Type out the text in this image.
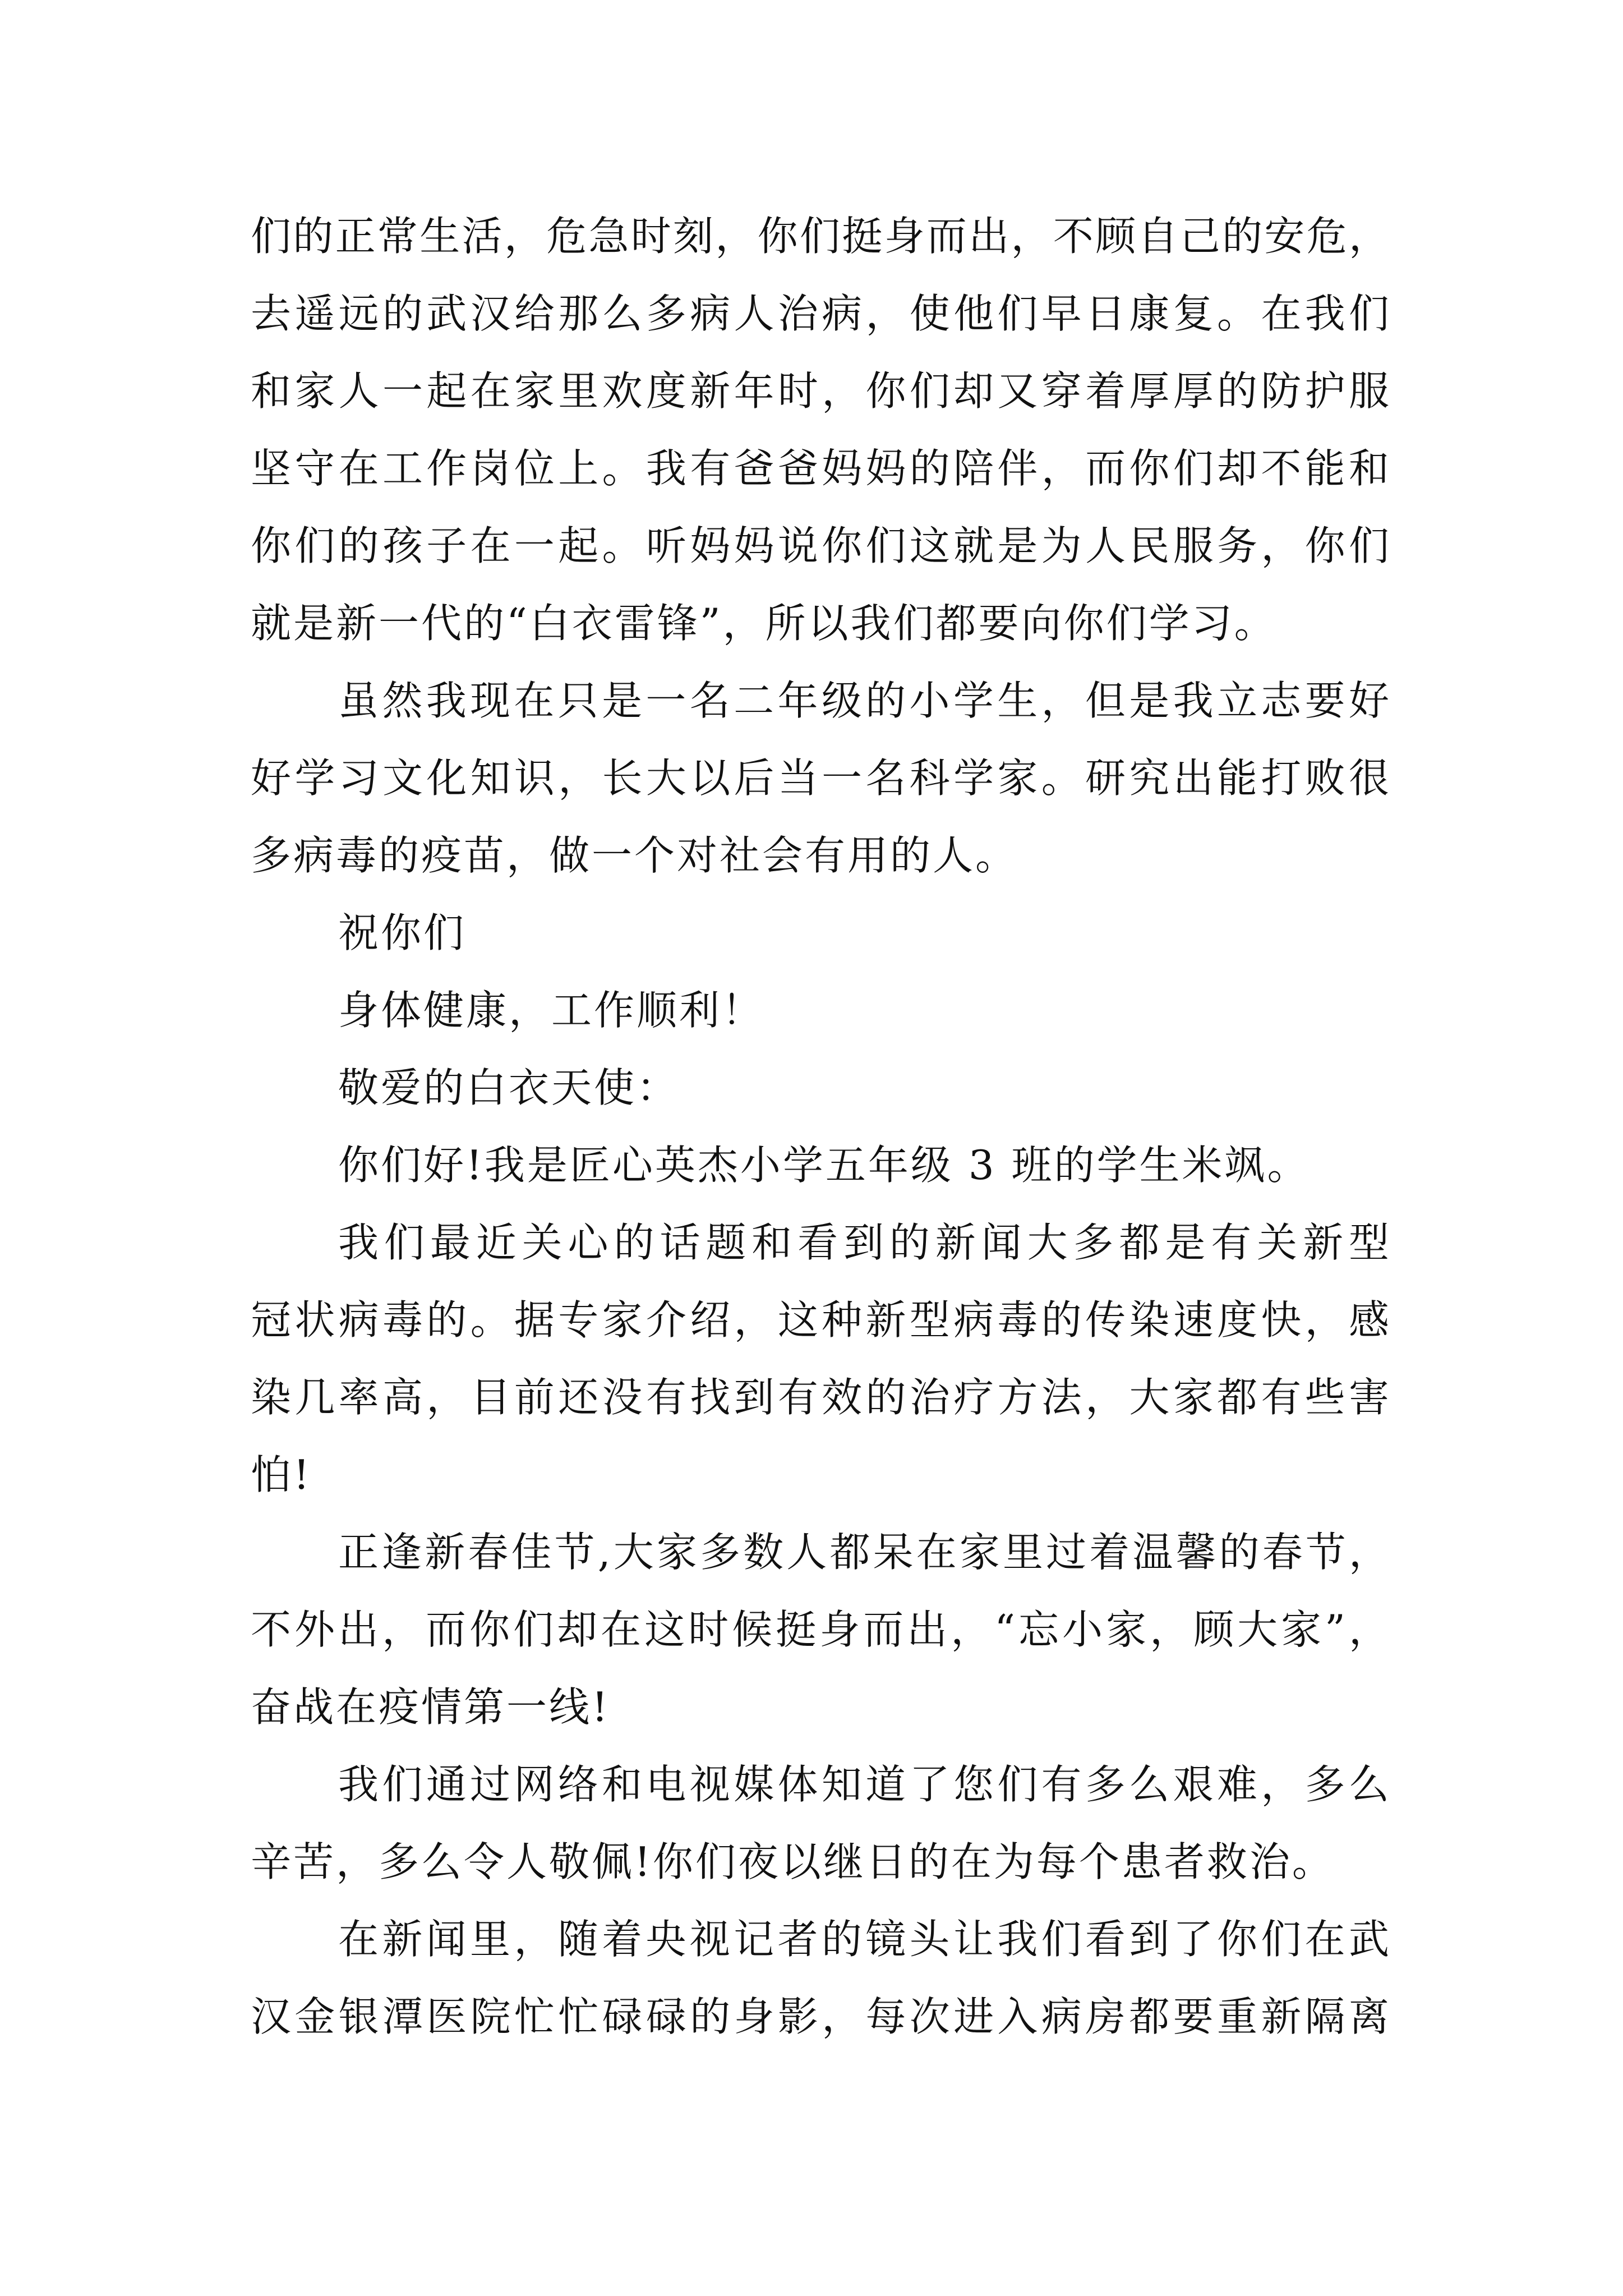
们的正常生活，危急时刻，你们挺身而出，不顾自己的安危，
去遥远的武汉给那么多病人治病，使他们早日康复。在我们
和家人一起在家里欢度新年时，你们却又穿着厚厚的防护服
坚守在工作岗位上。我有爸爸妈妈的陪伴，而你们却不能和
你们的孩子在一起。听妈妈说你们这就是为人民服务，你们
就是新一代的“白衣雷锋”，所以我们都要向你们学习。
虽然我现在只是一名二年级的小学生，但是我立志要好
好学习文化知识，长大以后当一名科学家。研究出能打败很
多病毒的疫苗，做一个对社会有用的人。
祝你们
身体健康，工作顺利！
敬爱的白衣天使：
你们好!我是匠心英杰小学五年级 3 班的学生米飒。
我们最近关心的话题和看到的新闻大多都是有关新型
冠状病毒的。据专家介绍，这种新型病毒的传染速度快，感
染几率高，目前还没有找到有效的治疗方法，大家都有些害
怕!
正逢新春佳节,大家多数人都呆在家里过着温馨的春节，
不外出，而你们却在这时候挺身而出，“忘小家，顾大家”，
奋战在疫情第一线!
我们通过网络和电视媒体知道了您们有多么艰难，多么
辛苦，多么令人敬佩!你们夜以继日的在为每个患者救治。
在新闻里，随着央视记者的镜头让我们看到了你们在武
汉金银潭医院忙忙碌碌的身影，每次进入病房都要重新隔离
